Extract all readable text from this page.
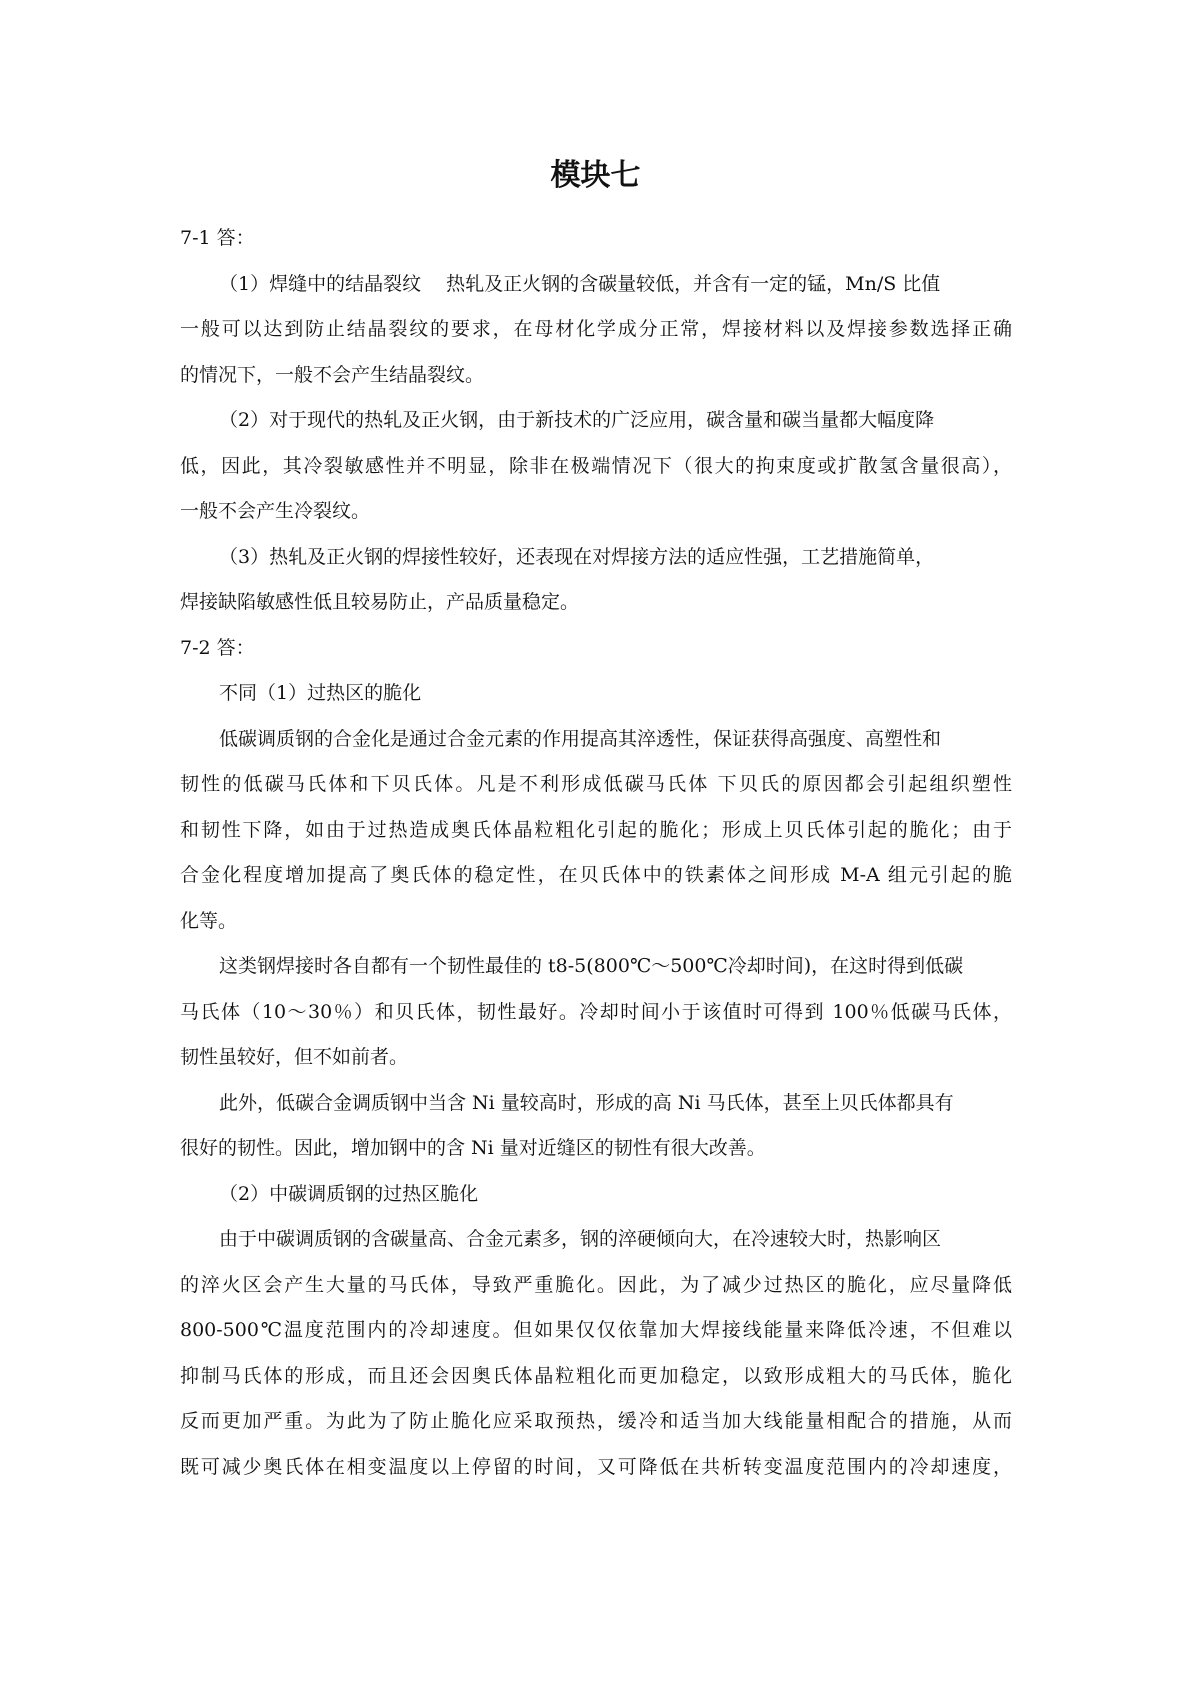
模块七
7-1 答：
（1）焊缝中的结晶裂纹　 热轧及正火钢的含碳量较低，并含有一定的锰，Mn/S 比值
一般可以达到防止结晶裂纹的要求，在母材化学成分正常，焊接材料以及焊接参数选择正确
的情况下，一般不会产生结晶裂纹。
（2）对于现代的热轧及正火钢，由于新技术的广泛应用，碳含量和碳当量都大幅度降
低，因此，其冷裂敏感性并不明显，除非在极端情况下（很大的拘束度或扩散氢含量很高），
一般不会产生冷裂纹。
（3）热轧及正火钢的焊接性较好，还表现在对焊接方法的适应性强，工艺措施简单，
焊接缺陷敏感性低且较易防止，产品质量稳定。
7-2 答：
不同（1）过热区的脆化
低碳调质钢的合金化是通过合金元素的作用提高其淬透性，保证获得高强度、高塑性和
韧性的低碳马氏体和下贝氏体。凡是不利形成低碳马氏体 下贝氏的原因都会引起组织塑性
和韧性下降，如由于过热造成奥氏体晶粒粗化引起的脆化；形成上贝氏体引起的脆化；由于
合金化程度增加提高了奥氏体的稳定性，在贝氏体中的铁素体之间形成 M-A 组元引起的脆
化等。
这类钢焊接时各自都有一个韧性最佳的 t8-5(800℃～500℃冷却时间)，在这时得到低碳
马氏体（10～30％）和贝氏体，韧性最好。冷却时间小于该值时可得到 100％低碳马氏体，
韧性虽较好，但不如前者。
此外，低碳合金调质钢中当含 Ni 量较高时，形成的高 Ni 马氏体，甚至上贝氏体都具有
很好的韧性。因此，增加钢中的含 Ni 量对近缝区的韧性有很大改善。
（2）中碳调质钢的过热区脆化
由于中碳调质钢的含碳量高、合金元素多，钢的淬硬倾向大，在冷速较大时，热影响区
的淬火区会产生大量的马氏体，导致严重脆化。因此，为了减少过热区的脆化，应尽量降低
800-500℃温度范围内的冷却速度。但如果仅仅依靠加大焊接线能量来降低冷速，不但难以
抑制马氏体的形成，而且还会因奥氏体晶粒粗化而更加稳定，以致形成粗大的马氏体，脆化
反而更加严重。为此为了防止脆化应采取预热，缓冷和适当加大线能量相配合的措施，从而
既可减少奥氏体在相变温度以上停留的时间，又可降低在共析转变温度范围内的冷却速度，
